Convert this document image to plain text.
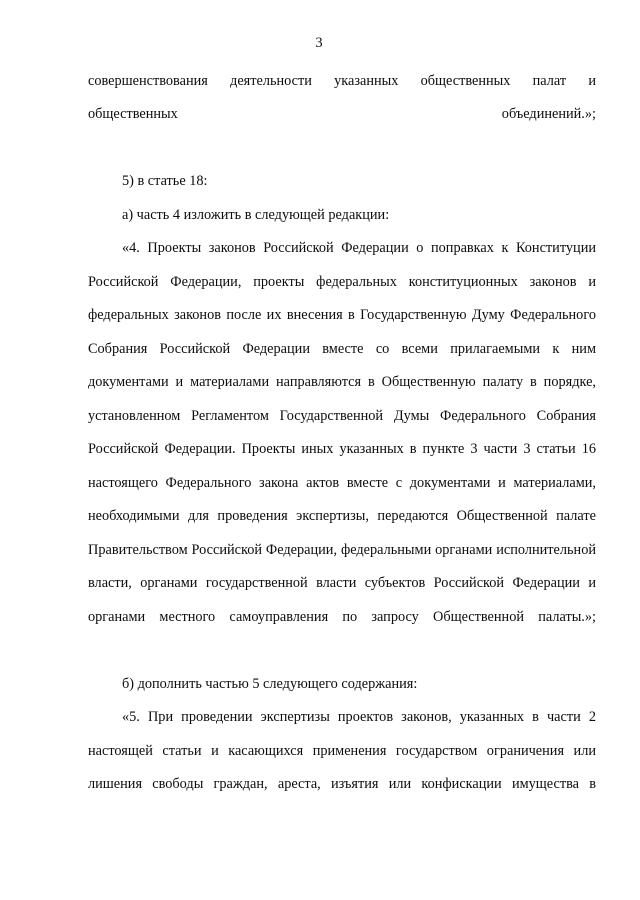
3

совершенствования деятельности указанных общественных палат и общественных объединений.»;

5) в статье 18:

а) часть 4 изложить в следующей редакции:

«4. Проекты законов Российской Федерации о поправках к Конституции Российской Федерации, проекты федеральных конституционных законов и федеральных законов после их внесения в Государственную Думу Федерального Собрания Российской Федерации вместе со всеми прилагаемыми к ним документами и материалами направляются в Общественную палату в порядке, установленном Регламентом Государственной Думы Федерального Собрания Российской Федерации. Проекты иных указанных в пункте 3 части 3 статьи 16 настоящего Федерального закона актов вместе с документами и материалами, необходимыми для проведения экспертизы, передаются Общественной палате Правительством Российской Федерации, федеральными органами исполнительной власти, органами государственной власти субъектов Российской Федерации и органами местного самоуправления по запросу Общественной палаты.»;

б) дополнить частью 5 следующего содержания:

«5. При проведении экспертизы проектов законов, указанных в части 2 настоящей статьи и касающихся применения государством ограничения или лишения свободы граждан, ареста, изъятия или конфискации имущества в
